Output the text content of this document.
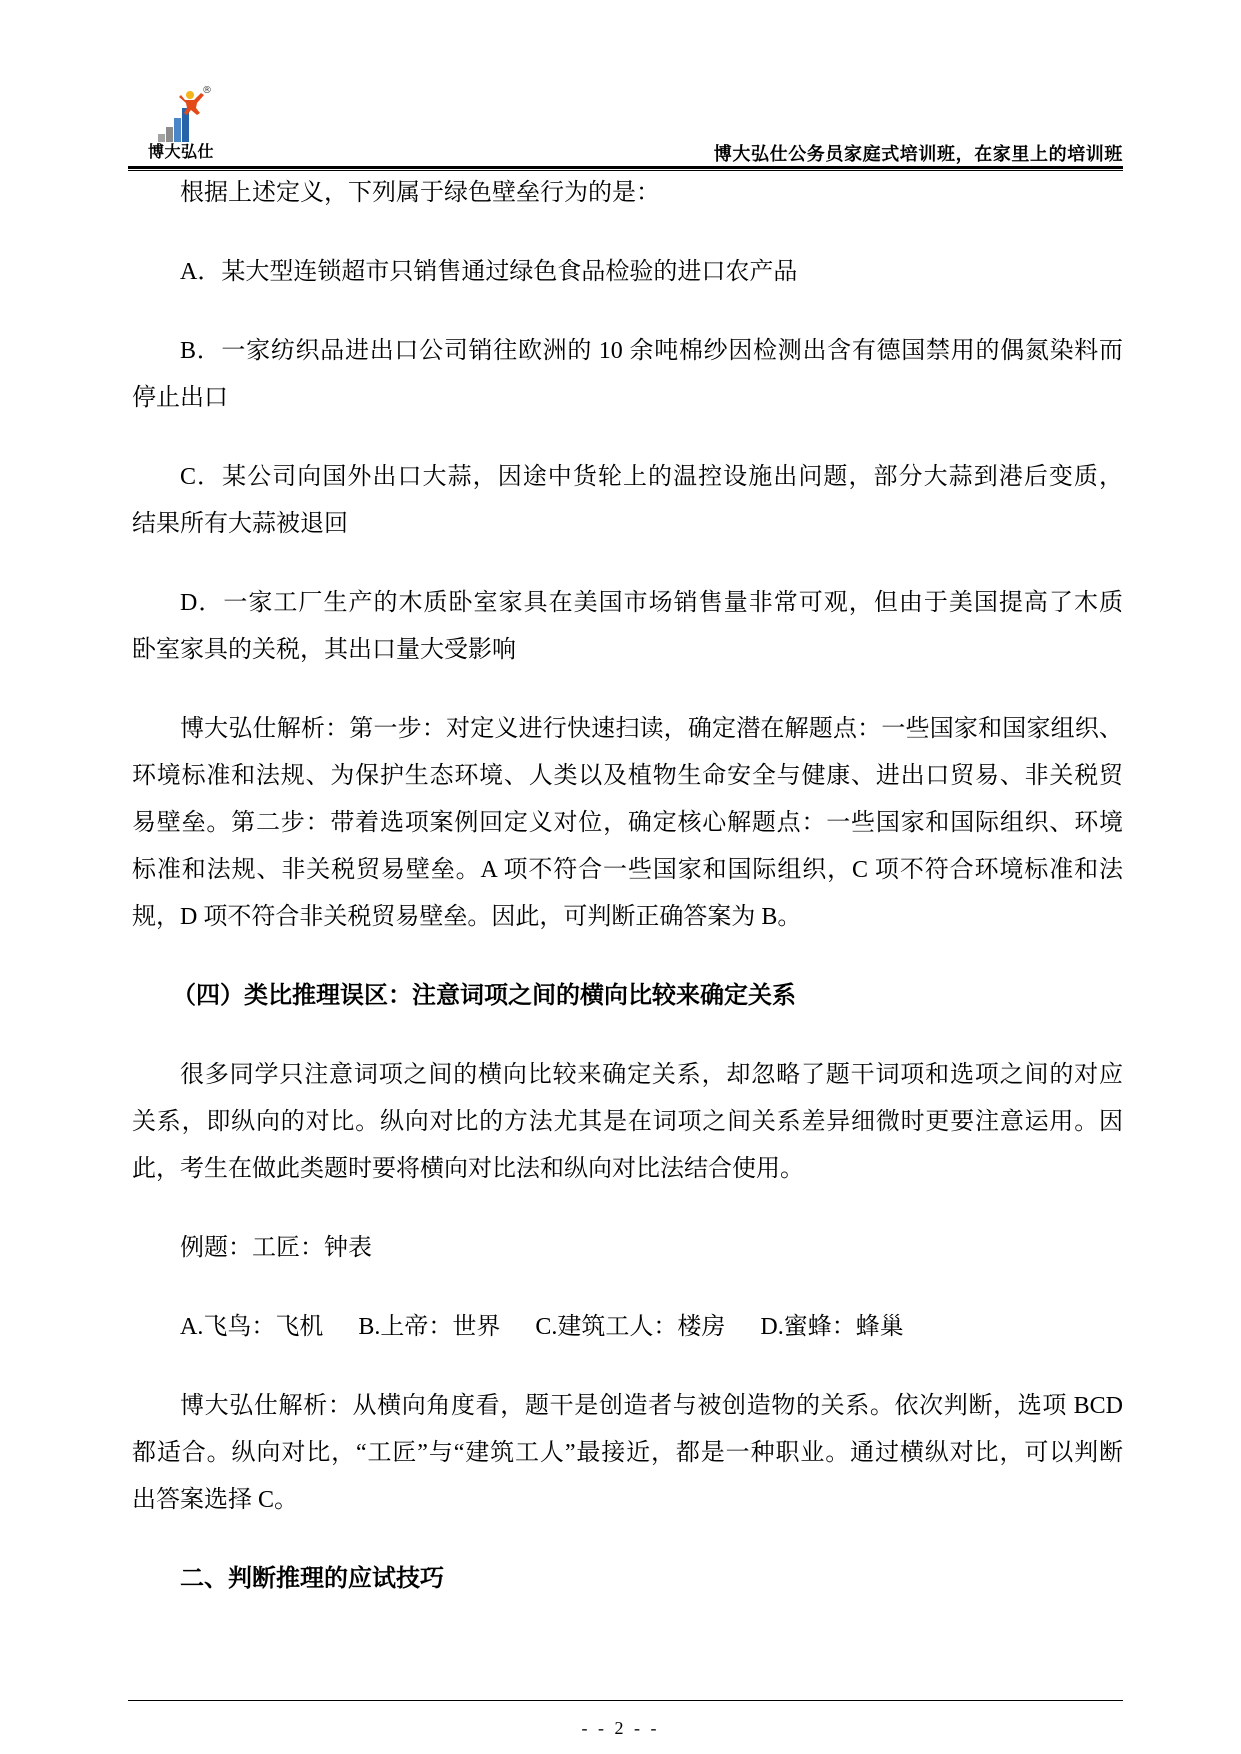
®
博大弘仕	博大弘仕公务员家庭式培训班，在家里上的培训班
根据上述定义，下列属于绿色壁垒行为的是：
A．某大型连锁超市只销售通过绿色食品检验的进口农产品
B．一家纺织品进出口公司销往欧洲的 10 余吨棉纱因检测出含有德国禁用的偶氮染料而
停止出口
C．某公司向国外出口大蒜，因途中货轮上的温控设施出问题，部分大蒜到港后变质，
结果所有大蒜被退回
D．一家工厂生产的木质卧室家具在美国市场销售量非常可观，但由于美国提高了木质
卧室家具的关税，其出口量大受影响
博大弘仕解析：第一步：对定义进行快速扫读，确定潜在解题点：一些国家和国家组织、
环境标准和法规、为保护生态环境、人类以及植物生命安全与健康、进出口贸易、非关税贸
易壁垒。第二步：带着选项案例回定义对位，确定核心解题点：一些国家和国际组织、环境
标准和法规、非关税贸易壁垒。A 项不符合一些国家和国际组织，C 项不符合环境标准和法
规，D 项不符合非关税贸易壁垒。因此，可判断正确答案为 B。
（四）类比推理误区：注意词项之间的横向比较来确定关系
很多同学只注意词项之间的横向比较来确定关系，却忽略了题干词项和选项之间的对应
关系，即纵向的对比。纵向对比的方法尤其是在词项之间关系差异细微时更要注意运用。因
此，考生在做此类题时要将横向对比法和纵向对比法结合使用。
例题：工匠：钟表
A.飞鸟：飞机 B.上帝：世界 C.建筑工人：楼房 D.蜜蜂：蜂巢
博大弘仕解析：从横向角度看，题干是创造者与被创造物的关系。依次判断，选项 BCD
都适合。纵向对比，“工匠”与“建筑工人”最接近，都是一种职业。通过横纵对比，可以判断
出答案选择 C。
二、判断推理的应试技巧
- - 2 - -
